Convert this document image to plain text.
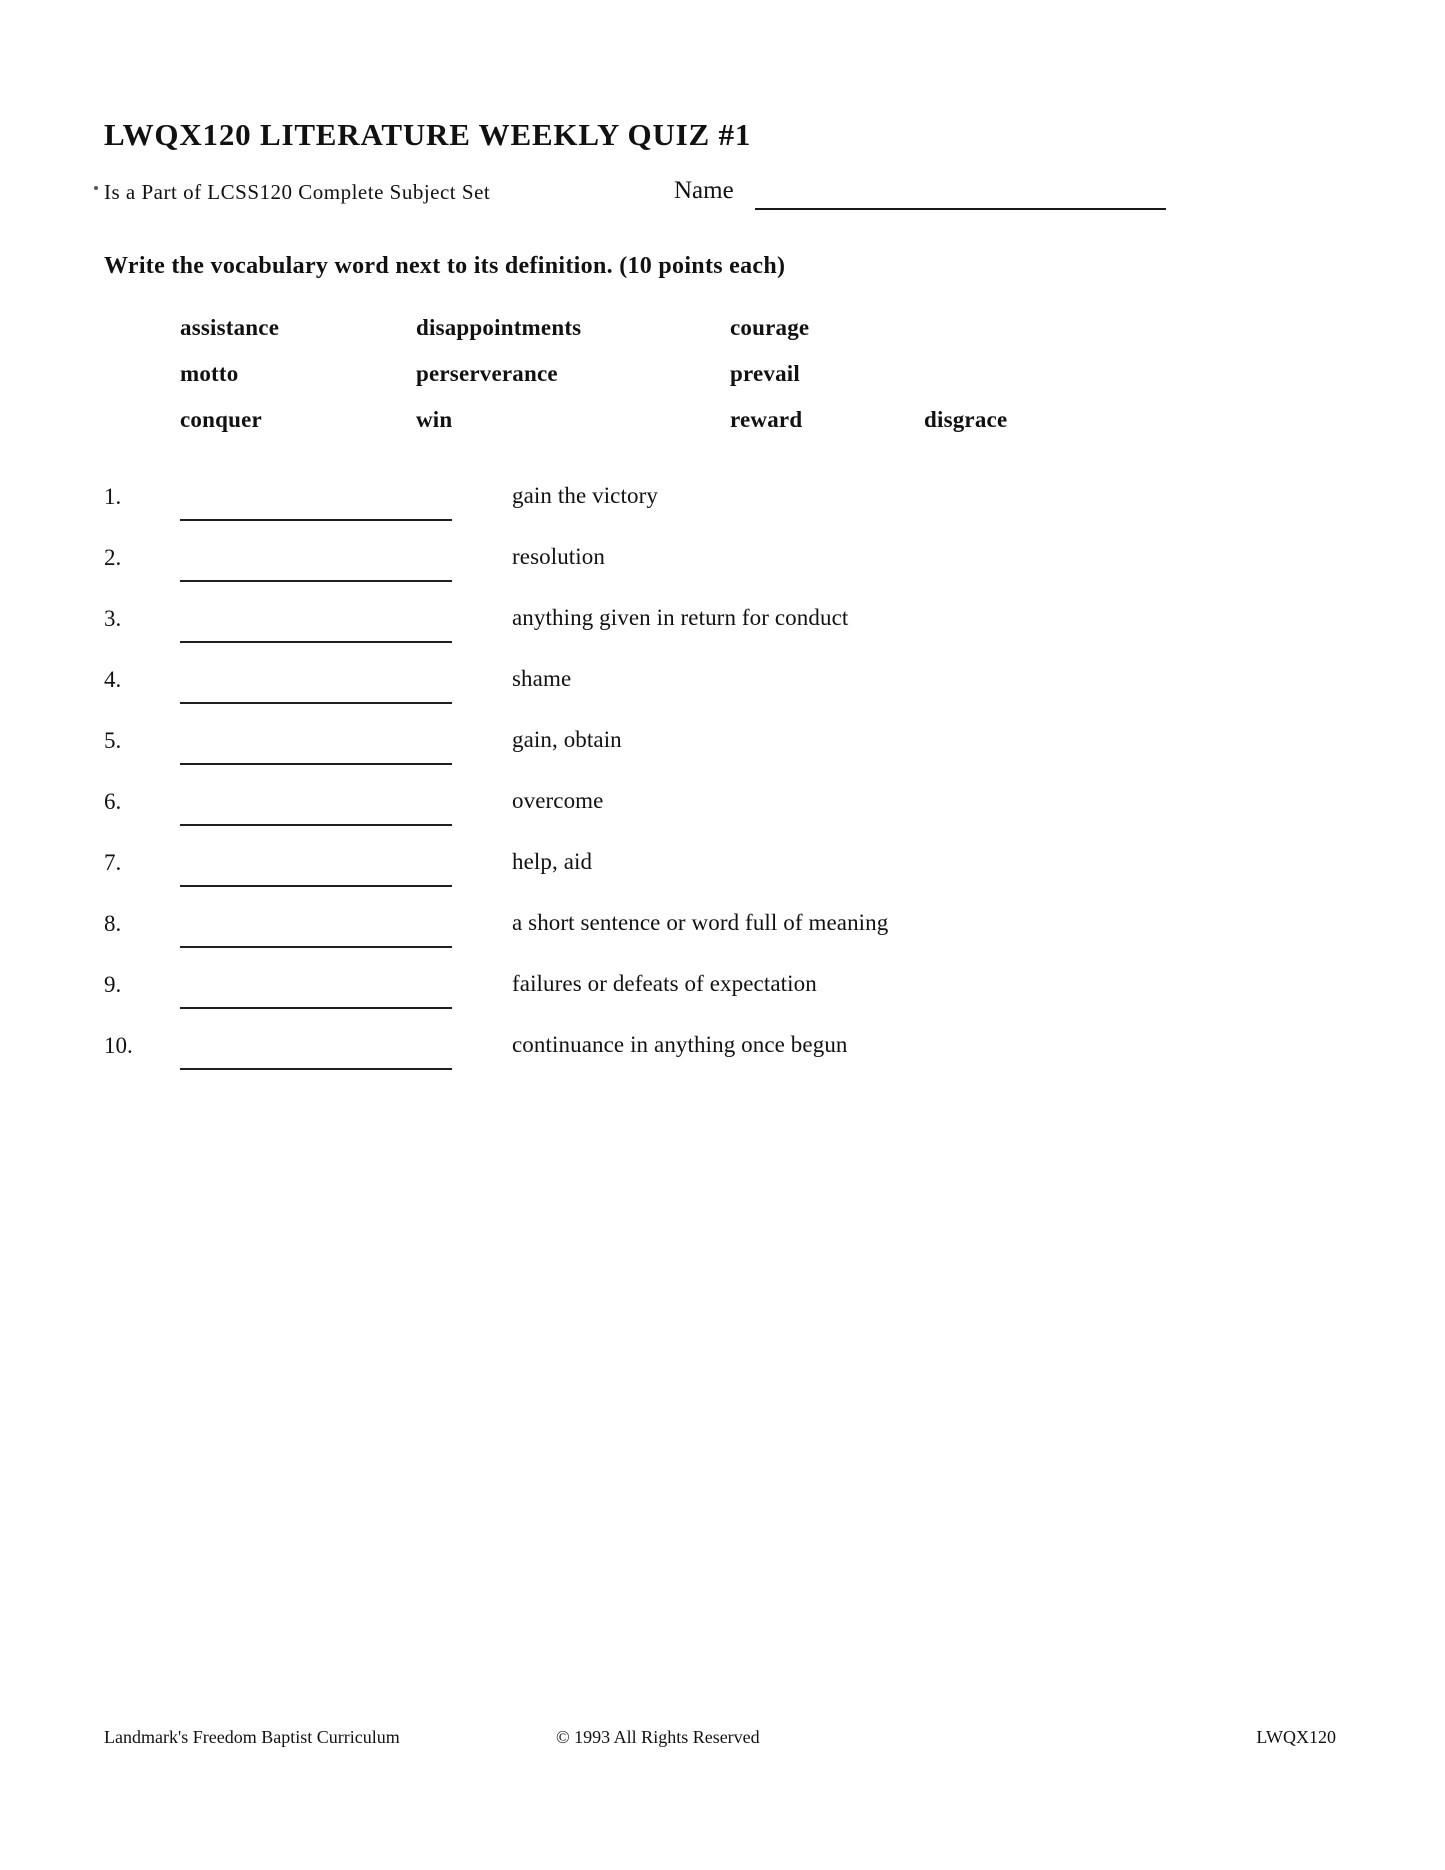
LWQX120 LITERATURE WEEKLY QUIZ #1
Is a Part of LCSS120 Complete Subject Set	Name
Write the vocabulary word next to its definition. (10 points each)
assistance	disappointments	courage
motto	perserverance	prevail
conquer	win	reward	disgrace
1.	gain the victory
2.	resolution
3.	anything given in return for conduct
4.	shame
5.	gain, obtain
6.	overcome
7.	help, aid
8.	a short sentence or word full of meaning
9.	failures or defeats of expectation
10.	continuance in anything once begun
Landmark's Freedom Baptist Curriculum	© 1993 All Rights Reserved	LWQX120
